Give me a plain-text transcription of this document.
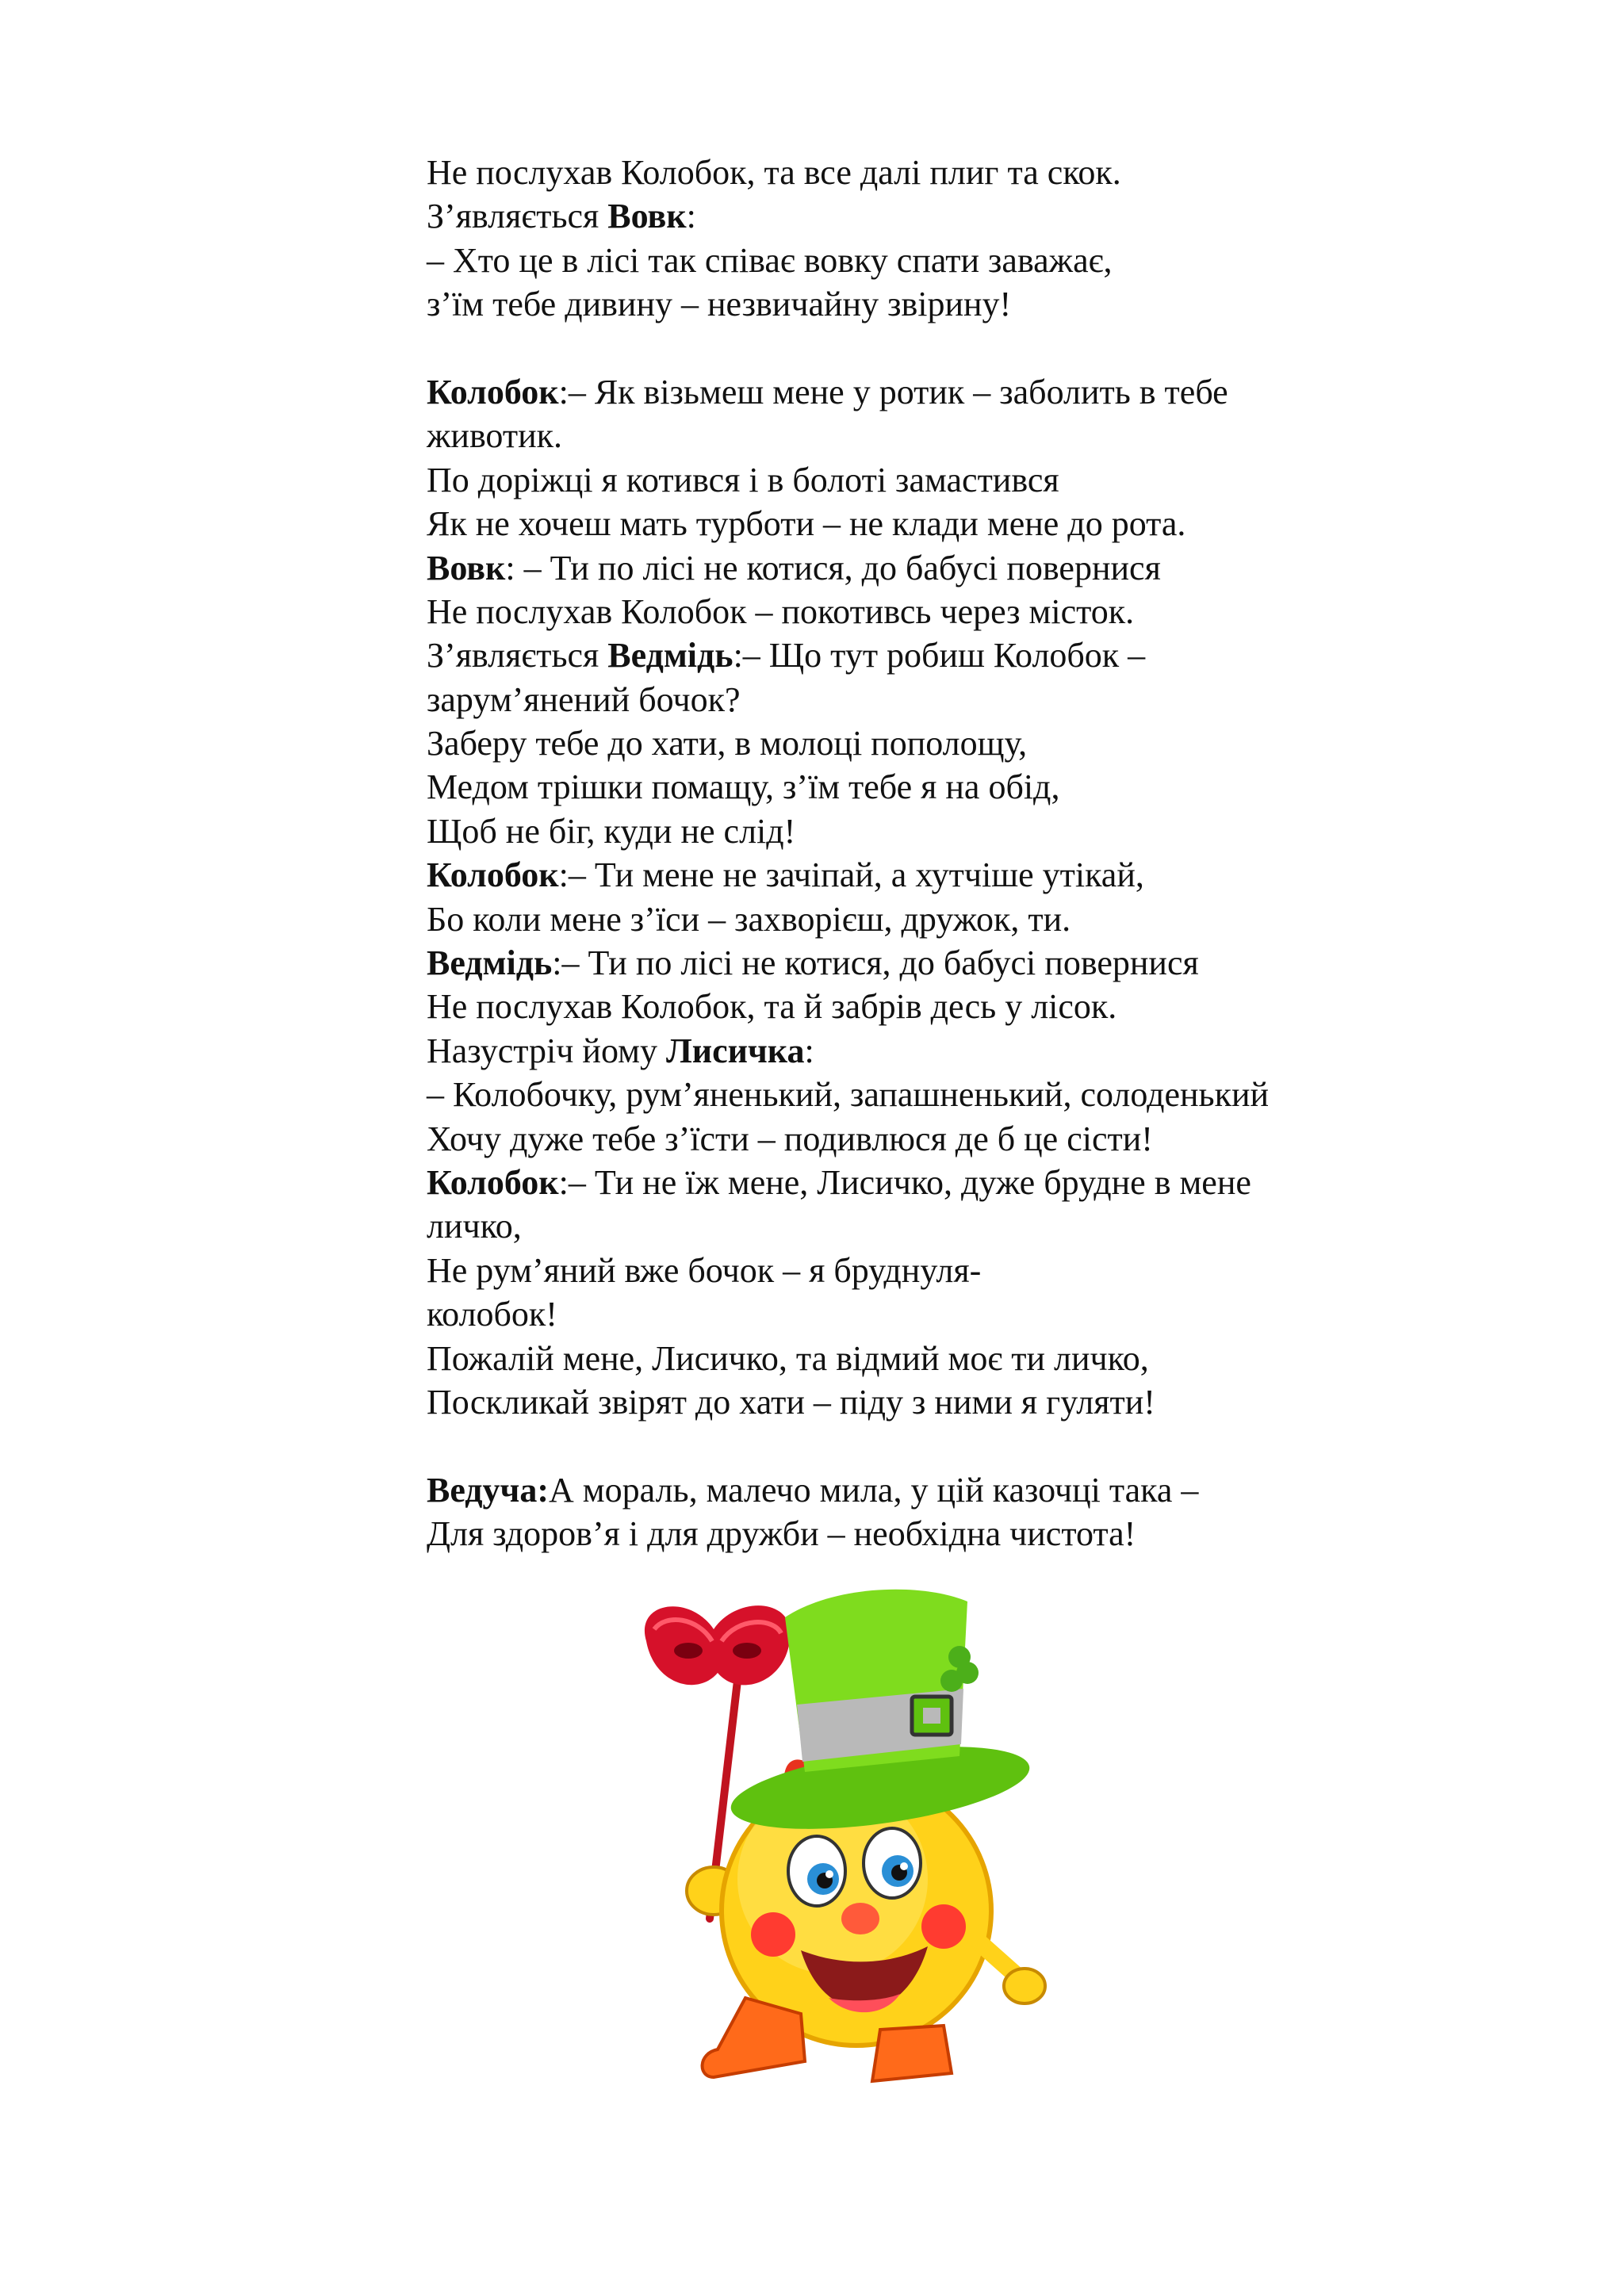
Не послухав Колобок, та все далі плиг та скок.
З’являється Вовк:
– Хто це в лісі так співає вовку спати заважає,
з’їм тебе дивину – незвичайну звірину!
Колобок:– Як візьмеш мене у ротик – заболить в тебе
животик.
По доріжці я котився і в болоті замастився
Як не хочеш мать турботи – не клади мене до рота.
Вовк: – Ти по лісі не котися, до бабусі повернися
Не послухав Колобок – покотивсь через місток.
З’являється Ведмідь:– Що тут робиш Колобок –
зарум’янений бочок?
Заберу тебе до хати, в молоці пополощу,
Медом трішки помащу, з’їм тебе я на обід,
Щоб не біг, куди не слід!
Колобок:– Ти мене не зачіпай, а хутчіше утікай,
Бо коли мене з’їси – захворієш, дружок, ти.
Ведмідь:– Ти по лісі не котися, до бабусі повернися
Не послухав Колобок, та й забрів десь у лісок.
Назустріч йому Лисичка:
– Колобочку, рум’яненький, запашненький, солоденький
Хочу дуже тебе з’їсти – подивлюся де б це сісти!
Колобок:– Ти не їж мене, Лисичко, дуже брудне в мене
личко,
Не рум’яний вже бочок – я бруднуля-
колобок!
Пожалій мене, Лисичко, та відмий моє ти личко,
Поскликай звірят до хати – піду з ними я гуляти!
Ведуча:А мораль, малечо мила, у цій казочці така –
Для здоров’я і для дружби – необхідна чистота!
